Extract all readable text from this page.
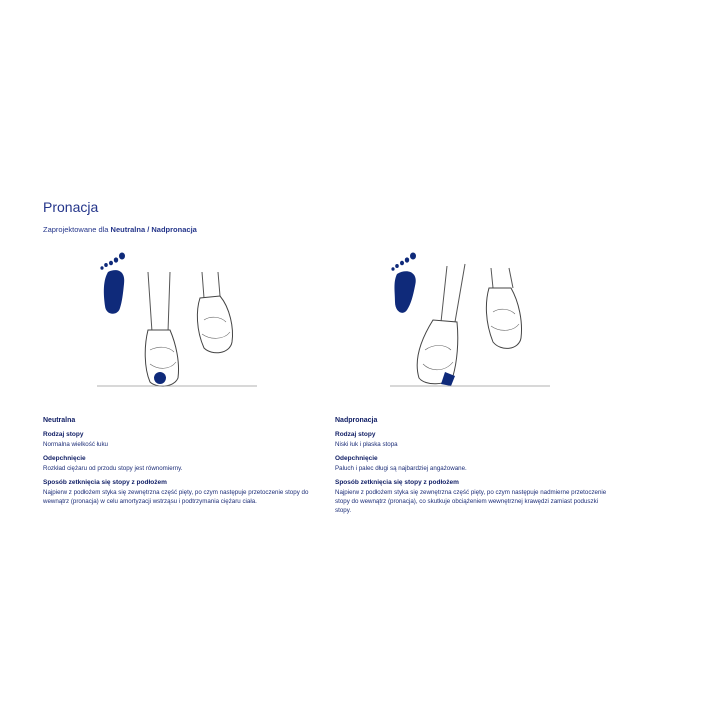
Pronacja
Zaprojektowane dla Neutralna / Nadpronacja

Neutralna

Rodzaj stopy

Normalna wielkość łuku

Odepchnięcie

Rozkład ciężaru od przodu stopy jest równomierny.

Sposób zetknięcia się stopy z podłożem

Najpierw z podłożem styka się zewnętrzna część pięty, po czym następuje przetoczenie stopy do wewnątrz (pronacja) w celu amortyzacji wstrząsu i podtrzymania ciężaru ciała.

Nadpronacja

Rodzaj stopy

Niski łuk i płaska stopa

Odepchnięcie

Paluch i palec długi są najbardziej angażowane.

Sposób zetknięcia się stopy z podłożem

Najpierw z podłożem styka się zewnętrzna część pięty, po czym następuje nadmierne przetoczenie stopy do wewnątrz (pronacja), co skutkuje obciążeniem wewnętrznej krawędzi zamiast poduszki stopy.
